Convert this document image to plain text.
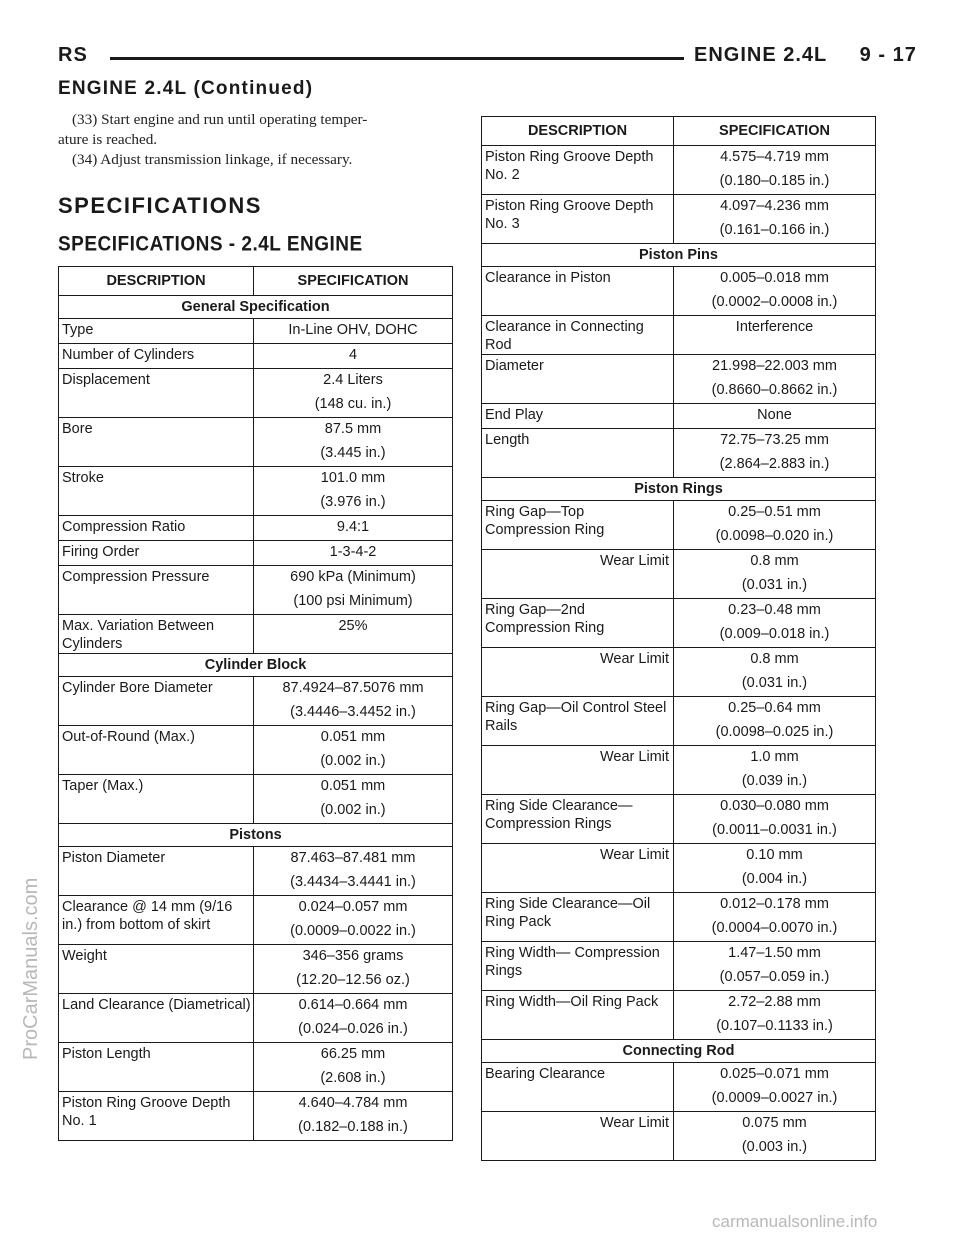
RS	ENGINE 2.4L     9 - 17
ENGINE 2.4L (Continued)
(33) Start engine and run until operating temper-
ature is reached.
(34) Adjust transmission linkage, if necessary.
SPECIFICATIONS
SPECIFICATIONS - 2.4L ENGINE
DESCRIPTION	SPECIFICATION
General Specification	
Type	In-Line OHV, DOHC

Number of Cylinders	4

Displacement	2.4 Liters
(148 cu. in.)

Bore	87.5 mm
(3.445 in.)

Stroke	101.0 mm
(3.976 in.)

Compression Ratio	9.4:1

Firing Order	1-3-4-2

Compression Pressure	690 kPa (Minimum)
(100 psi Minimum)

Max. Variation Between Cylinders	25%

Cylinder Block	
Cylinder Bore Diameter	87.4924–87.5076 mm
(3.4446–3.4452 in.)

Out-of-Round (Max.)	0.051 mm
(0.002 in.)

Taper (Max.)	0.051 mm
(0.002 in.)

Pistons	
Piston Diameter	87.463–87.481 mm
(3.4434–3.4441 in.)

Clearance @ 14 mm (9/16 in.) from bottom of skirt	0.024–0.057 mm
(0.0009–0.0022 in.)

Weight	346–356 grams
(12.20–12.56 oz.)

Land Clearance (Diametrical)	0.614–0.664 mm
(0.024–0.026 in.)

Piston Length	66.25 mm
(2.608 in.)

Piston Ring Groove Depth No. 1	4.640–4.784 mm
(0.182–0.188 in.)
DESCRIPTION	SPECIFICATION
Piston Ring Groove Depth No. 2	4.575–4.719 mm
(0.180–0.185 in.)

Piston Ring Groove Depth No. 3	4.097–4.236 mm
(0.161–0.166 in.)

Piston Pins	
Clearance in Piston	0.005–0.018 mm
(0.0002–0.0008 in.)

Clearance in Connecting Rod	Interference

Diameter	21.998–22.003 mm
(0.8660–0.8662 in.)

End Play	None

Length	72.75–73.25 mm
(2.864–2.883 in.)

Piston Rings	
Ring Gap—Top Compression Ring	0.25–0.51 mm
(0.0098–0.020 in.)

Wear Limit	0.8 mm
(0.031 in.)

Ring Gap—2nd Compression Ring	0.23–0.48 mm
(0.009–0.018 in.)

Wear Limit	0.8 mm
(0.031 in.)

Ring Gap—Oil Control Steel Rails	0.25–0.64 mm
(0.0098–0.025 in.)

Wear Limit	1.0 mm
(0.039 in.)

Ring Side Clearance— Compression Rings	0.030–0.080 mm
(0.0011–0.0031 in.)

Wear Limit	0.10 mm
(0.004 in.)

Ring Side Clearance—Oil Ring Pack	0.012–0.178 mm
(0.0004–0.0070 in.)

Ring Width— Compression Rings	1.47–1.50 mm
(0.057–0.059 in.)

Ring Width—Oil Ring Pack	2.72–2.88 mm
(0.107–0.1133 in.)

Connecting Rod	
Bearing Clearance	0.025–0.071 mm
(0.0009–0.0027 in.)

Wear Limit	0.075 mm
(0.003 in.)
ProCarManuals.com
carmanualsonline.info
